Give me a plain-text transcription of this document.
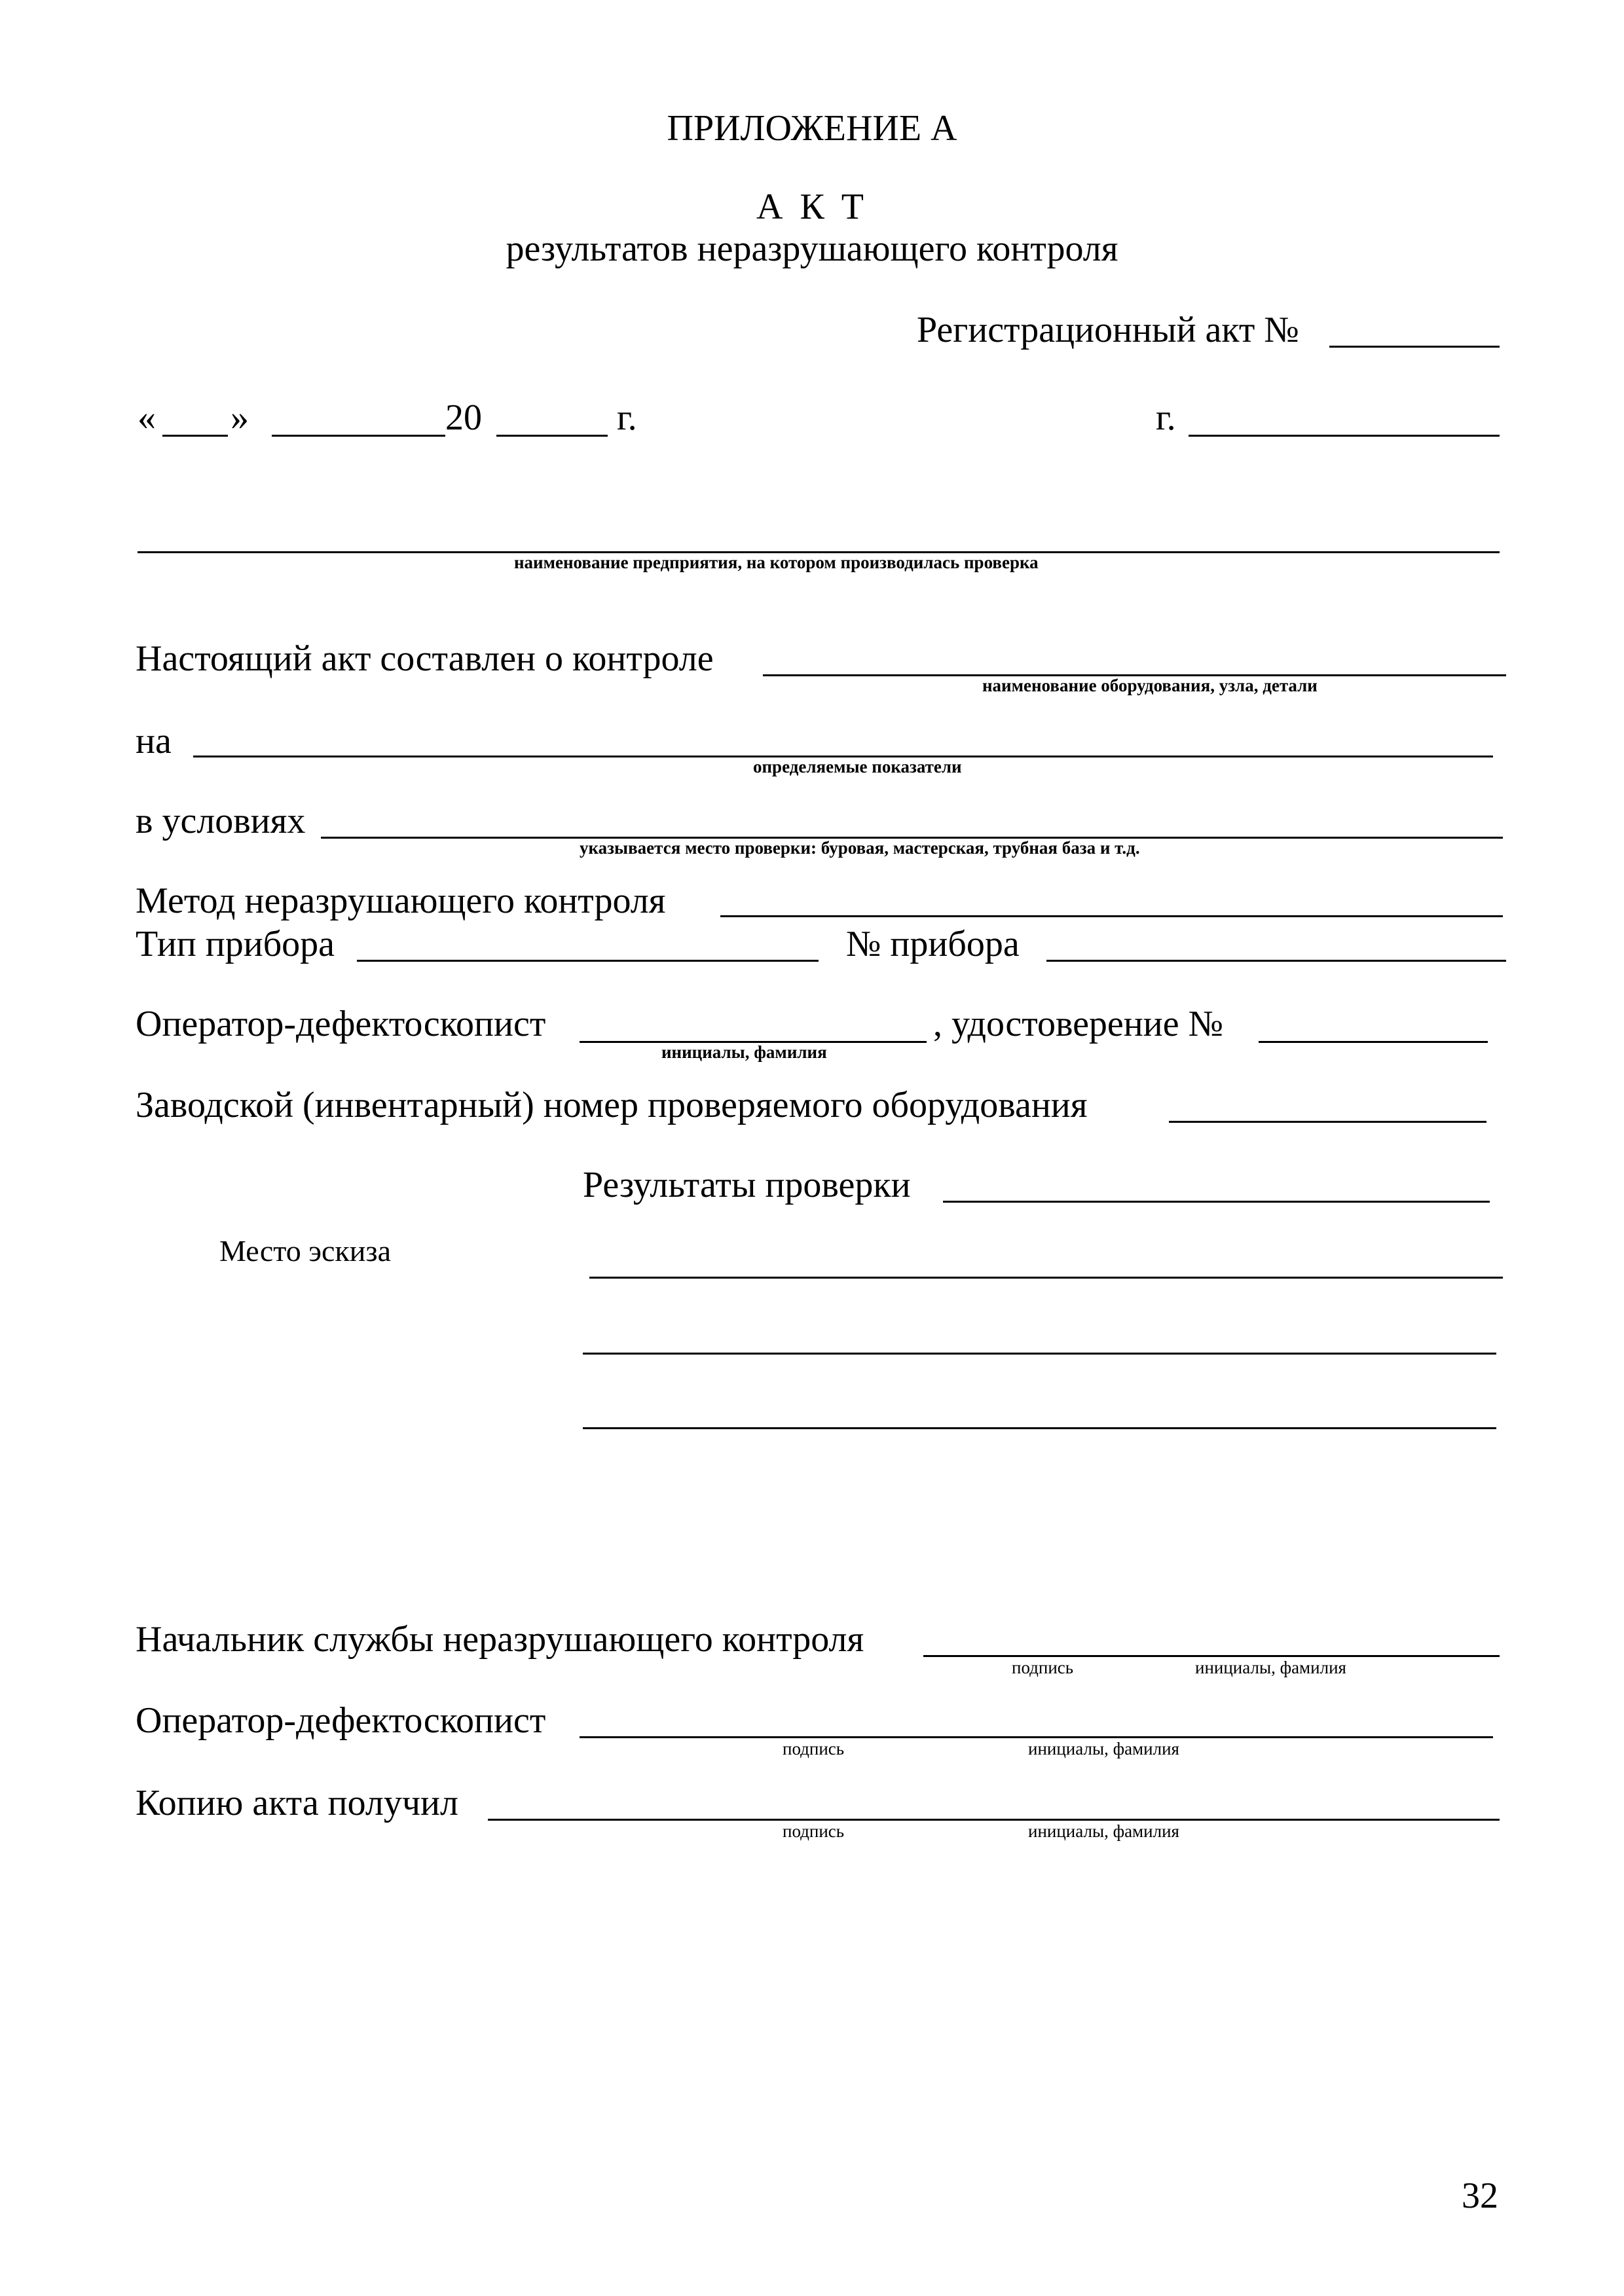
ПРИЛОЖЕНИЕ А
А К Т
результатов неразрушающего контроля
Регистрационный акт №
« »	20	г.	г.
наименование предприятия, на котором производилась проверка
Настоящий акт составлен о контроле
наименование оборудования, узла, детали
на
определяемые показатели
в условиях
указывается место проверки: буровая, мастерская, трубная база и т.д.
Метод неразрушающего контроля
Тип прибора	№ прибора
Оператор-дефектоскопист
инициалы, фамилия
, удостоверение №
Заводской (инвентарный) номер проверяемого оборудования
Результаты проверки
Место эскиза
Начальник службы неразрушающего контроля
подпись	инициалы, фамилия
Оператор-дефектоскопист
подпись	инициалы, фамилия
Копию акта получил
подпись	инициалы, фамилия
32
